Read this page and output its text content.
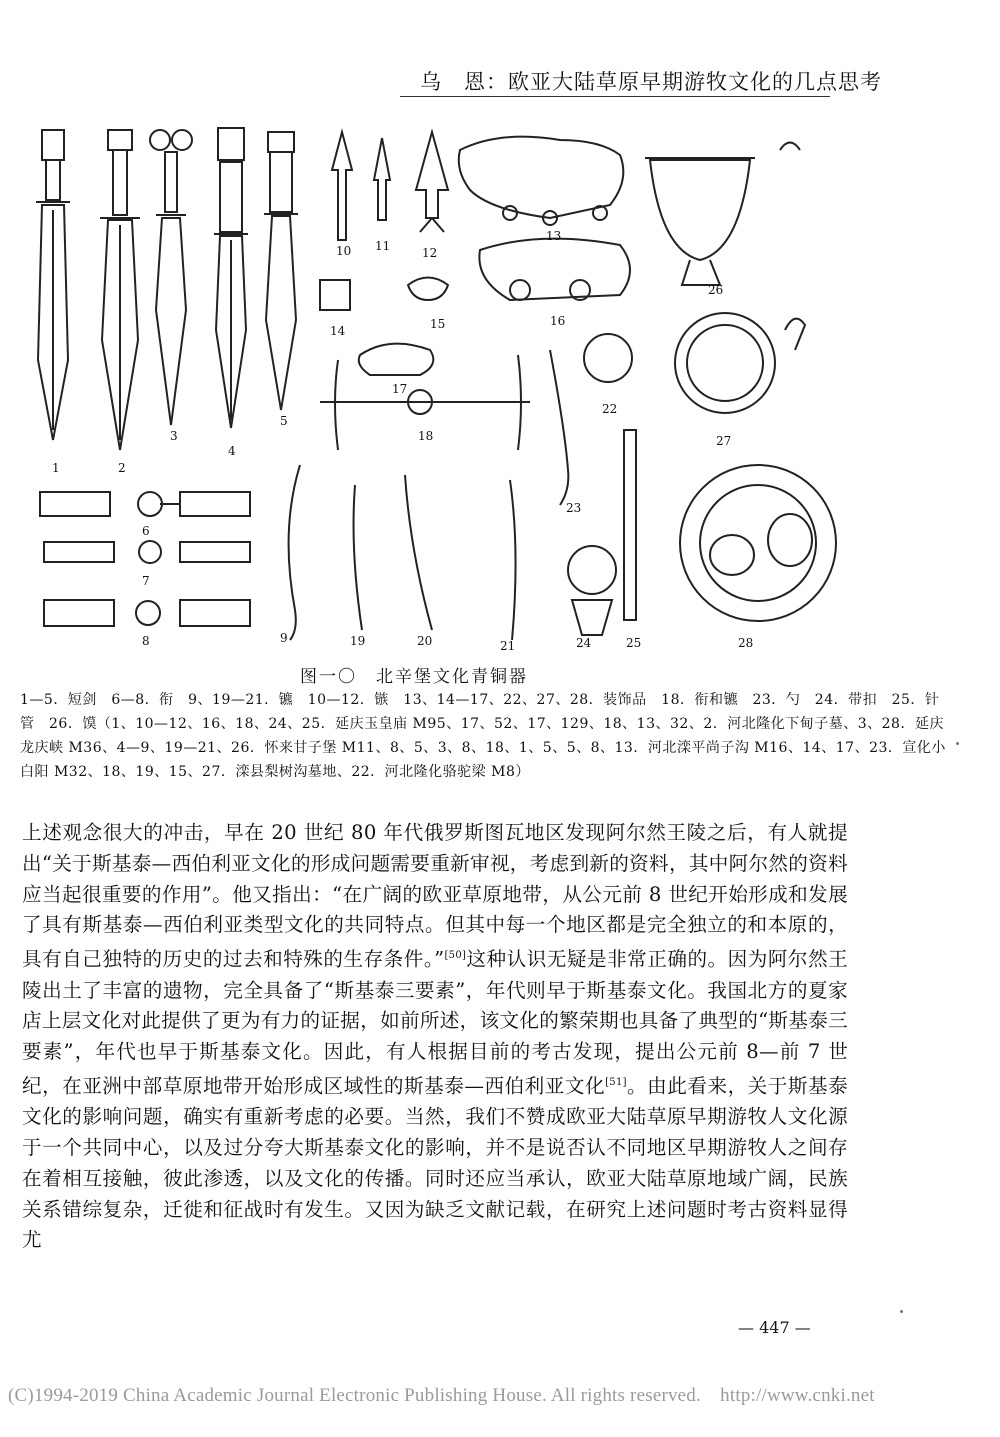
乌　恩：欧亚大陆草原早期游牧文化的几点思考
1	2
3
4
5
6
7
8	9
10 11	12
13
14	15	16
17
18
19	20	21
22
23
24	25
26
27
28
图一〇　北辛堡文化青铜器
1—5．短剑　6—8．衔　9、19—21．镳　10—12．镞　13、14—17、22、27、28．装饰品　18．衔和镳　23．勺　24．带扣　25．针管　26．馍（1、10—12、16、18、24、25．延庆玉皇庙 M95、17、52、17、129、18、13、32、2．河北隆化下甸子墓、3、28．延庆龙庆峡 M36、4—9、19—21、26．怀来甘子堡 M11、8、5、3、8、18、1、5、5、8、13．河北滦平尚子沟 M16、14、17、23．宣化小白阳 M32、18、19、15、27．滦县梨树沟墓地、22．河北隆化骆驼梁 M8）
上述观念很大的冲击，早在 20 世纪 80 年代俄罗斯图瓦地区发现阿尔然王陵之后，有人就提出“关于斯基泰—西伯利亚文化的形成问题需要重新审视，考虑到新的资料，其中阿尔然的资料应当起很重要的作用”。他又指出：“在广阔的欧亚草原地带，从公元前 8 世纪开始形成和发展了具有斯基泰—西伯利亚类型文化的共同特点。但其中每一个地区都是完全独立的和本原的，具有自己独特的历史的过去和特殊的生存条件。”[50]这种认识无疑是非常正确的。因为阿尔然王陵出土了丰富的遗物，完全具备了“斯基泰三要素”，年代则早于斯基泰文化。我国北方的夏家店上层文化对此提供了更为有力的证据，如前所述，该文化的繁荣期也具备了典型的“斯基泰三要素”，年代也早于斯基泰文化。因此，有人根据目前的考古发现，提出公元前 8—前 7 世纪，在亚洲中部草原地带开始形成区域性的斯基泰—西伯利亚文化[51]。由此看来，关于斯基泰文化的影响问题，确实有重新考虑的必要。当然，我们不赞成欧亚大陆草原早期游牧人文化源于一个共同中心，以及过分夸大斯基泰文化的影响，并不是说否认不同地区早期游牧人之间存在着相互接触，彼此渗透，以及文化的传播。同时还应当承认，欧亚大陆草原地域广阔，民族关系错综复杂，迁徙和征战时有发生。又因为缺乏文献记载，在研究上述问题时考古资料显得尤
— 447 —
(C)1994-2019 China Academic Journal Electronic Publishing House. All rights reserved.　http://www.cnki.net
